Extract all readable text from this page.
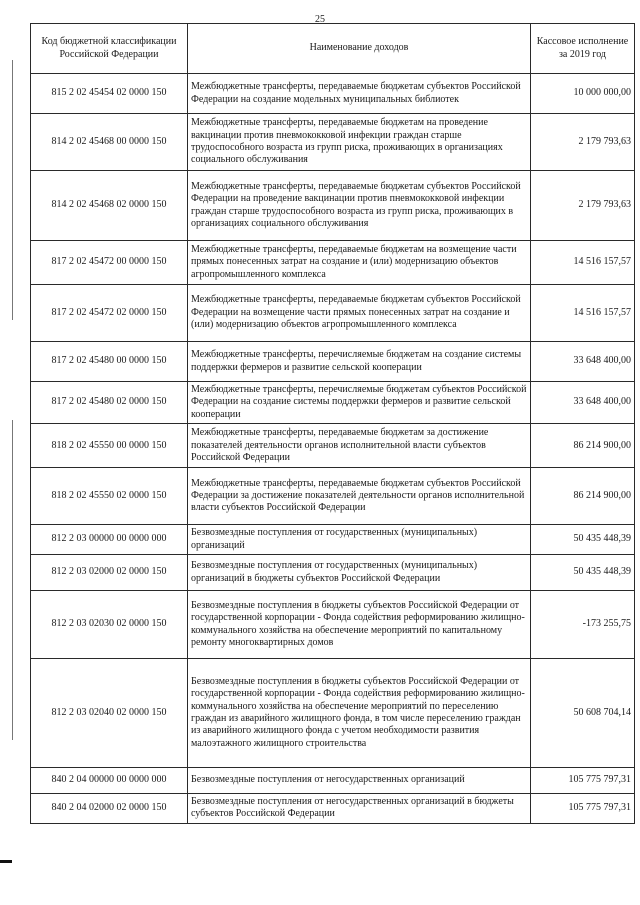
25
Код бюджетной классификации Российской Федерации	Наименование доходов	Кассовое исполнение за 2019 год
815 2 02 45454 02 0000 150	Межбюджетные трансферты, передаваемые бюджетам субъектов Российской Федерации на создание модельных муниципальных библиотек	10 000 000,00
814 2 02 45468 00 0000 150	Межбюджетные трансферты, передаваемые бюджетам на проведение вакцинации против пневмококковой инфекции граждан старше трудоспособного возраста из групп риска, проживающих в организациях социального обслуживания	2 179 793,63
814 2 02 45468 02 0000 150	Межбюджетные трансферты, передаваемые бюджетам субъектов Российской Федерации на проведение вакцинации против пневмококковой инфекции граждан старше трудоспособного возраста из групп риска, проживающих в организациях социального обслуживания	2 179 793,63
817 2 02 45472 00 0000 150	Межбюджетные трансферты, передаваемые бюджетам на возмещение части прямых понесенных затрат на создание и (или) модернизацию объектов агропромышленного комплекса	14 516 157,57
817 2 02 45472 02 0000 150	Межбюджетные трансферты, передаваемые бюджетам субъектов Российской Федерации на возмещение части прямых понесенных затрат на создание и (или) модернизацию объектов агропромышленного комплекса	14 516 157,57
817 2 02 45480 00 0000 150	Межбюджетные трансферты, перечисляемые бюджетам на создание системы поддержки фермеров и развитие сельской кооперации	33 648 400,00
817 2 02 45480 02 0000 150	Межбюджетные трансферты, перечисляемые бюджетам субъектов Российской Федерации на создание системы поддержки фермеров и развитие сельской кооперации	33 648 400,00
818 2 02 45550 00 0000 150	Межбюджетные трансферты, передаваемые бюджетам за достижение показателей деятельности органов исполнительной власти субъектов Российской Федерации	86 214 900,00
818 2 02 45550 02 0000 150	Межбюджетные трансферты, передаваемые бюджетам субъектов Российской Федерации за достижение показателей деятельности органов исполнительной власти субъектов Российской Федерации	86 214 900,00
812 2 03 00000 00 0000 000	Безвозмездные поступления от государственных (муниципальных) организаций	50 435 448,39
812 2 03 02000 02 0000 150	Безвозмездные поступления от государственных (муниципальных) организаций в бюджеты субъектов Российской Федерации	50 435 448,39
812 2 03 02030 02 0000 150	Безвозмездные поступления в бюджеты субъектов Российской Федерации от государственной корпорации - Фонда содействия реформированию жилищно-коммунального хозяйства на обеспечение мероприятий по капитальному ремонту многоквартирных домов	-173 255,75
812 2 03 02040 02 0000 150	Безвозмездные поступления в бюджеты субъектов Российской Федерации от государственной корпорации - Фонда содействия реформированию жилищно-коммунального хозяйства на обеспечение мероприятий по переселению граждан из аварийного жилищного фонда, в том числе переселению граждан из аварийного жилищного фонда с учетом необходимости развития малоэтажного жилищного строительства	50 608 704,14
840 2 04 00000 00 0000 000	Безвозмездные поступления от негосударственных организаций	105 775 797,31
840 2 04 02000 02 0000 150	Безвозмездные поступления от негосударственных организаций в бюджеты субъектов Российской Федерации	105 775 797,31
